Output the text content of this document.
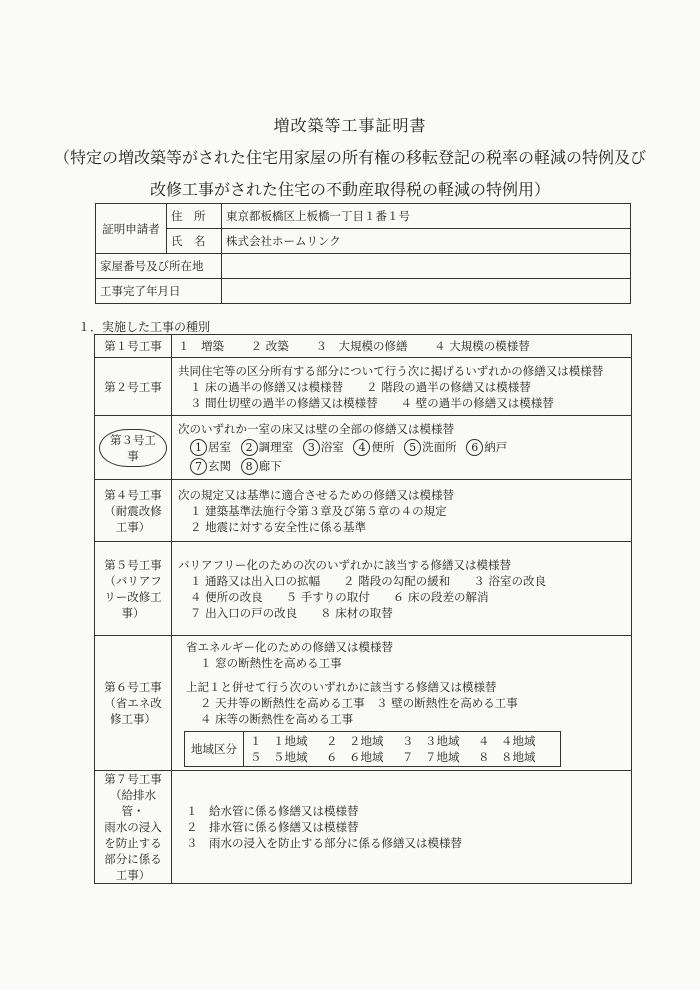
増改築等工事証明書
（特定の増改築等がされた住宅用家屋の所有権の移転登記の税率の軽減の特例及び
改修工事がされた住宅の不動産取得税の軽減の特例用）
証明申請者	住　所	東京都板橋区上板橋一丁目１番１号
	氏　名	株式会社ホームリンク
家屋番号及び所在地		
工事完了年月日		
１．実施した工事の種別
第１号工事	１　増築　　 ２ 改築　　 ３　大規模の修繕　　 ４ 大規模の模様替
第２号工事	
共同住宅等の区分所有する部分について行う次に掲げるいずれかの修繕又は模様替
１ 床の過半の修繕又は模様替　　２ 階段の過半の修繕又は模様替
３ 間仕切壁の過半の修繕又は模様替　　４ 壁の過半の修繕又は模様替

第３号工事	
次のいずれか一室の床又は壁の全部の修繕又は模様替
1 居室 2 調理室 3 浴室 4 便所 5 洗面所 6 納戸
7 玄関 8 廊下

第４号工事
（耐震改修
工事）

次の規定又は基準に適合させるための修繕又は模様替
１ 建築基準法施行令第３章及び第５章の４の規定
２ 地震に対する安全性に係る基準

第５号工事
（バリアフ
リー改修工
事）

バリアフリー化のための次のいずれかに該当する修繕又は模様替
１ 通路又は出入口の拡幅　　２ 階段の勾配の緩和　　３ 浴室の改良
４ 便所の改良　　５ 手すりの取付　　６ 床の段差の解消
７ 出入口の戸の改良　　８ 床材の取替

第６号工事
（省エネ改
修工事）

省エネルギー化のための修繕又は模様替
１ 窓の断熱性を高める工事
上記１と併せて行う次のいずれかに該当する修繕又は模様替
２ 天井等の断熱性を高める工事　３ 壁の断熱性を高める工事
４ 床等の断熱性を高める工事
地域区分	
１　１地域	２　２地域	３　３地域	４　４地域
５　５地域	６　６地域	７　７地域	８　８地域

第７号工事
（給排水管・
雨水の浸入
を防止する
部分に係る
工事）

１　給水管に係る修繕又は模様替
２　排水管に係る修繕又は模様替
３　雨水の浸入を防止する部分に係る修繕又は模様替
